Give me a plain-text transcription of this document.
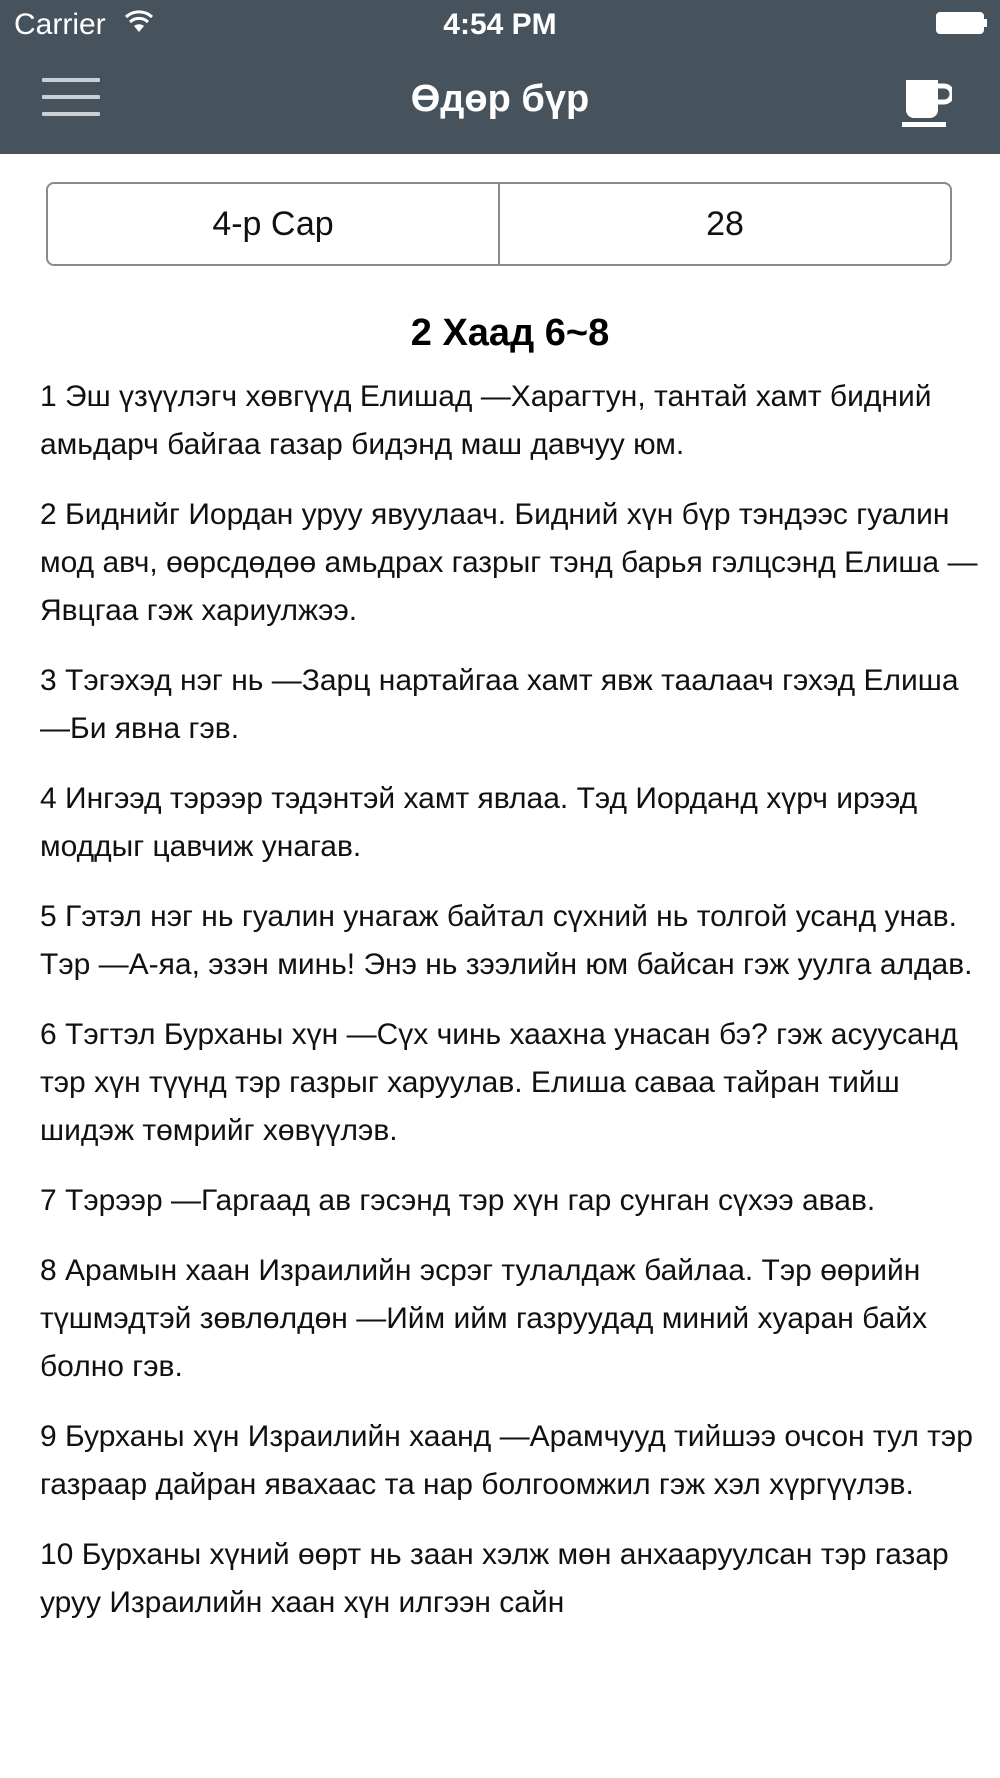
Carrier	4:54 PM
Өдөр бүр
4-р Сар	28
2 Хаад 6~8

1 Эш үзүүлэгч хөвгүүд Елишад —Харагтун, тантай хамт бидний амьдарч байгаа газар бидэнд маш давчуу юм.

2 Биднийг Иордан уруу явуулаач. Бидний хүн бүр тэндээс гуалин мод авч, өөрсдөдөө амьдрах газрыг тэнд барья гэлцсэнд Елиша —Явцгаа гэж хариулжээ.

3 Тэгэхэд нэг нь —Зарц нартайгаа хамт явж таалаач гэхэд Елиша —Би явна гэв.

4 Ингээд тэрээр тэдэнтэй хамт явлаа. Тэд Иорданд хүрч ирээд моддыг цавчиж унагав.

5 Гэтэл нэг нь гуалин унагаж байтал сүхний нь толгой усанд унав. Тэр —А-яа, эзэн минь! Энэ нь зээлийн юм байсан гэж уулга алдав.

6 Тэгтэл Бурханы хүн —Сүх чинь хаахна унасан бэ? гэж асуусанд тэр хүн түүнд тэр газрыг харуулав. Елиша саваа тайран тийш шидэж төмрийг хөвүүлэв.

7 Тэрээр —Гаргаад ав гэсэнд тэр хүн гар сунган сүхээ авав.

8 Арамын хаан Израилийн эсрэг тулалдаж байлаа. Тэр өөрийн түшмэдтэй зөвлөлдөн —Ийм ийм газруудад миний хуаран байх болно гэв.

9 Бурханы хүн Израилийн хаанд —Арамчууд тийшээ очсон тул тэр газраар дайран явахаас та нар болгоомжил гэж хэл хүргүүлэв.

10 Бурханы хүний өөрт нь заан хэлж мөн анхааруулсан тэр газар уруу Израилийн хаан хүн илгээн сайн
